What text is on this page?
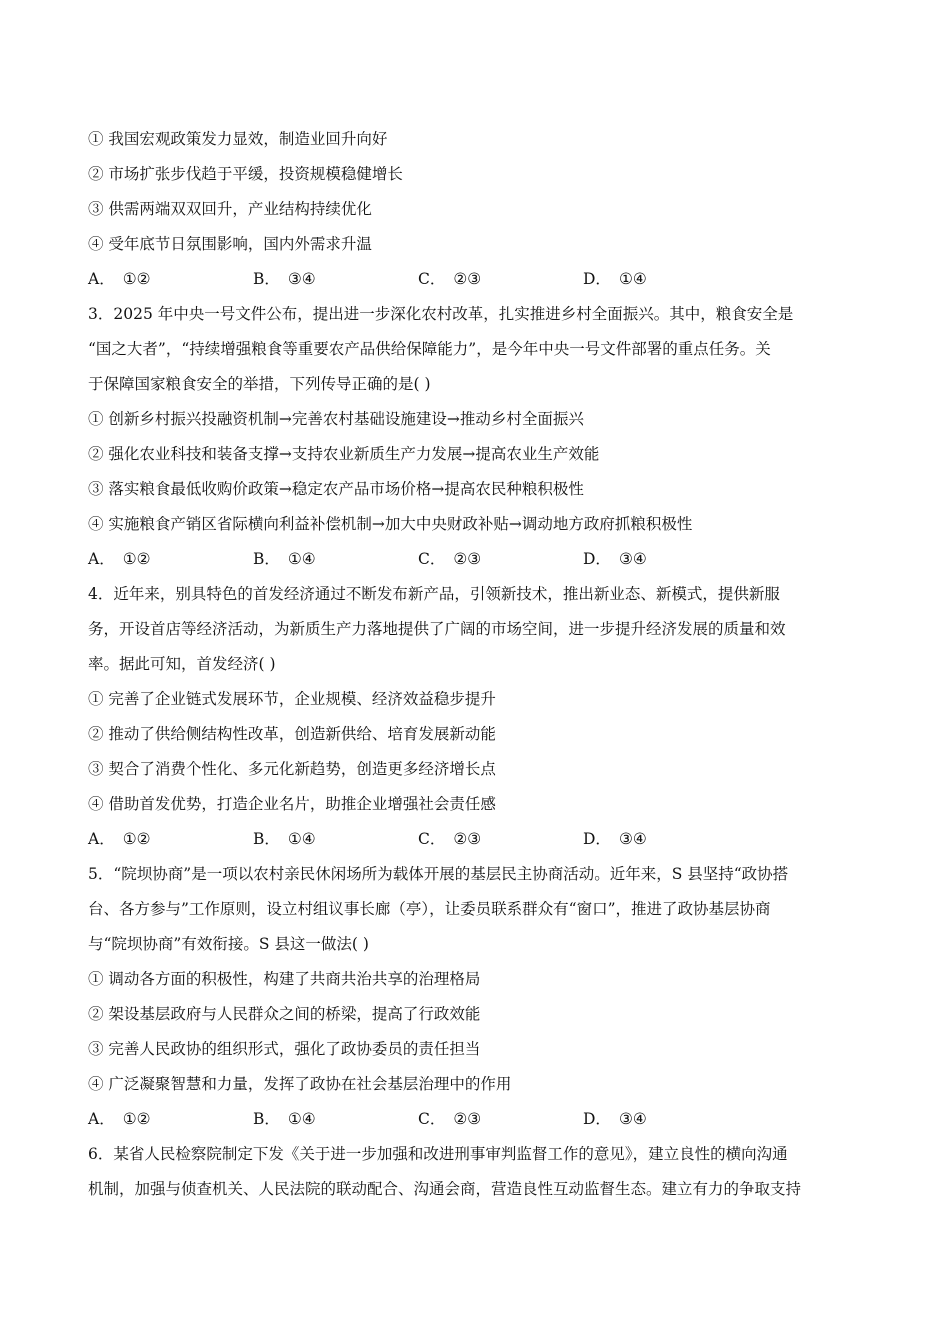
① 我国宏观政策发力显效，制造业回升向好
② 市场扩张步伐趋于平缓，投资规模稳健增长
③ 供需两端双双回升，产业结构持续优化
④ 受年底节日氛围影响，国内外需求升温
A． ①②	B． ③④	C． ②③	D． ①④
3．2025 年中央一号文件公布，提出进一步深化农村改革，扎实推进乡村全面振兴。其中，粮食安全是
“国之大者”，“持续增强粮食等重要农产品供给保障能力”，是今年中央一号文件部署的重点任务。关
于保障国家粮食安全的举措，下列传导正确的是( )
① 创新乡村振兴投融资机制→完善农村基础设施建设→推动乡村全面振兴
② 强化农业科技和装备支撑→支持农业新质生产力发展→提高农业生产效能
③ 落实粮食最低收购价政策→稳定农产品市场价格→提高农民种粮积极性
④ 实施粮食产销区省际横向利益补偿机制→加大中央财政补贴→调动地方政府抓粮积极性
A． ①②	B． ①④	C． ②③	D． ③④
4．近年来，别具特色的首发经济通过不断发布新产品，引领新技术，推出新业态、新模式，提供新服
务，开设首店等经济活动，为新质生产力落地提供了广阔的市场空间，进一步提升经济发展的质量和效
率。据此可知，首发经济( )
① 完善了企业链式发展环节，企业规模、经济效益稳步提升
② 推动了供给侧结构性改革，创造新供给、培育发展新动能
③ 契合了消费个性化、多元化新趋势，创造更多经济增长点
④ 借助首发优势，打造企业名片，助推企业增强社会责任感
A． ①②	B． ①④	C． ②③	D． ③④
5．“院坝协商”是一项以农村亲民休闲场所为载体开展的基层民主协商活动。近年来，S 县坚持“政协搭
台、各方参与”工作原则，设立村组议事长廊（亭），让委员联系群众有“窗口”，推进了政协基层协商
与“院坝协商”有效衔接。S 县这一做法( )
① 调动各方面的积极性，构建了共商共治共享的治理格局
② 架设基层政府与人民群众之间的桥梁，提高了行政效能
③ 完善人民政协的组织形式，强化了政协委员的责任担当
④ 广泛凝聚智慧和力量，发挥了政协在社会基层治理中的作用
A． ①②	B． ①④	C． ②③	D． ③④
6．某省人民检察院制定下发《关于进一步加强和改进刑事审判监督工作的意见》，建立良性的横向沟通
机制，加强与侦查机关、人民法院的联动配合、沟通会商，营造良性互动监督生态。建立有力的争取支持
